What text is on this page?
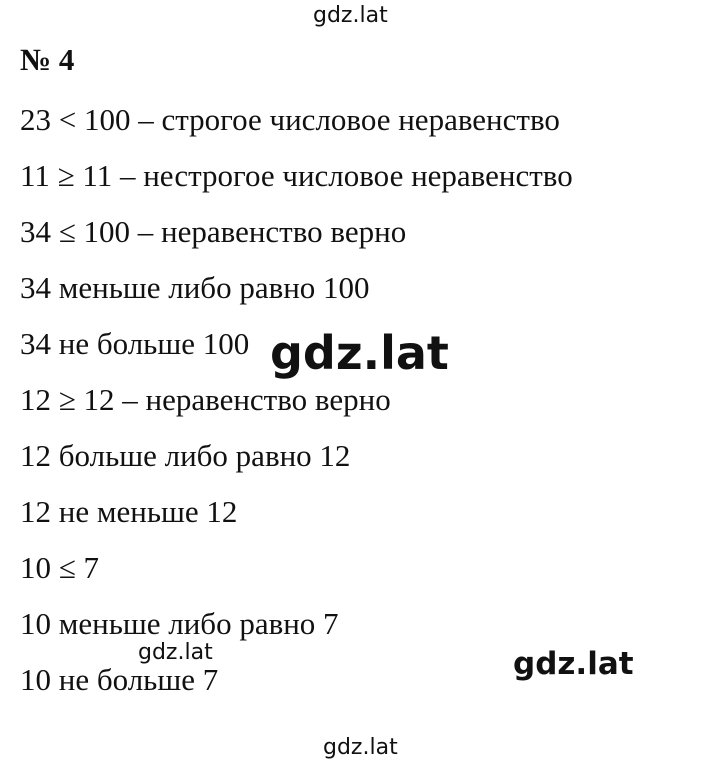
gdz.lat
№ 4
23 < 100 – строгое числовое неравенство
11 ≥ 11 – нестрогое числовое неравенство
34 ≤ 100 – неравенство верно
34 меньше либо равно 100
34 не больше 100
12 ≥ 12 – неравенство верно
12 больше либо равно 12
12 не меньше 12
10 ≤ 7
10 меньше либо равно 7
10 не больше 7
gdz.lat
gdz.lat	gdz.lat
gdz.lat
